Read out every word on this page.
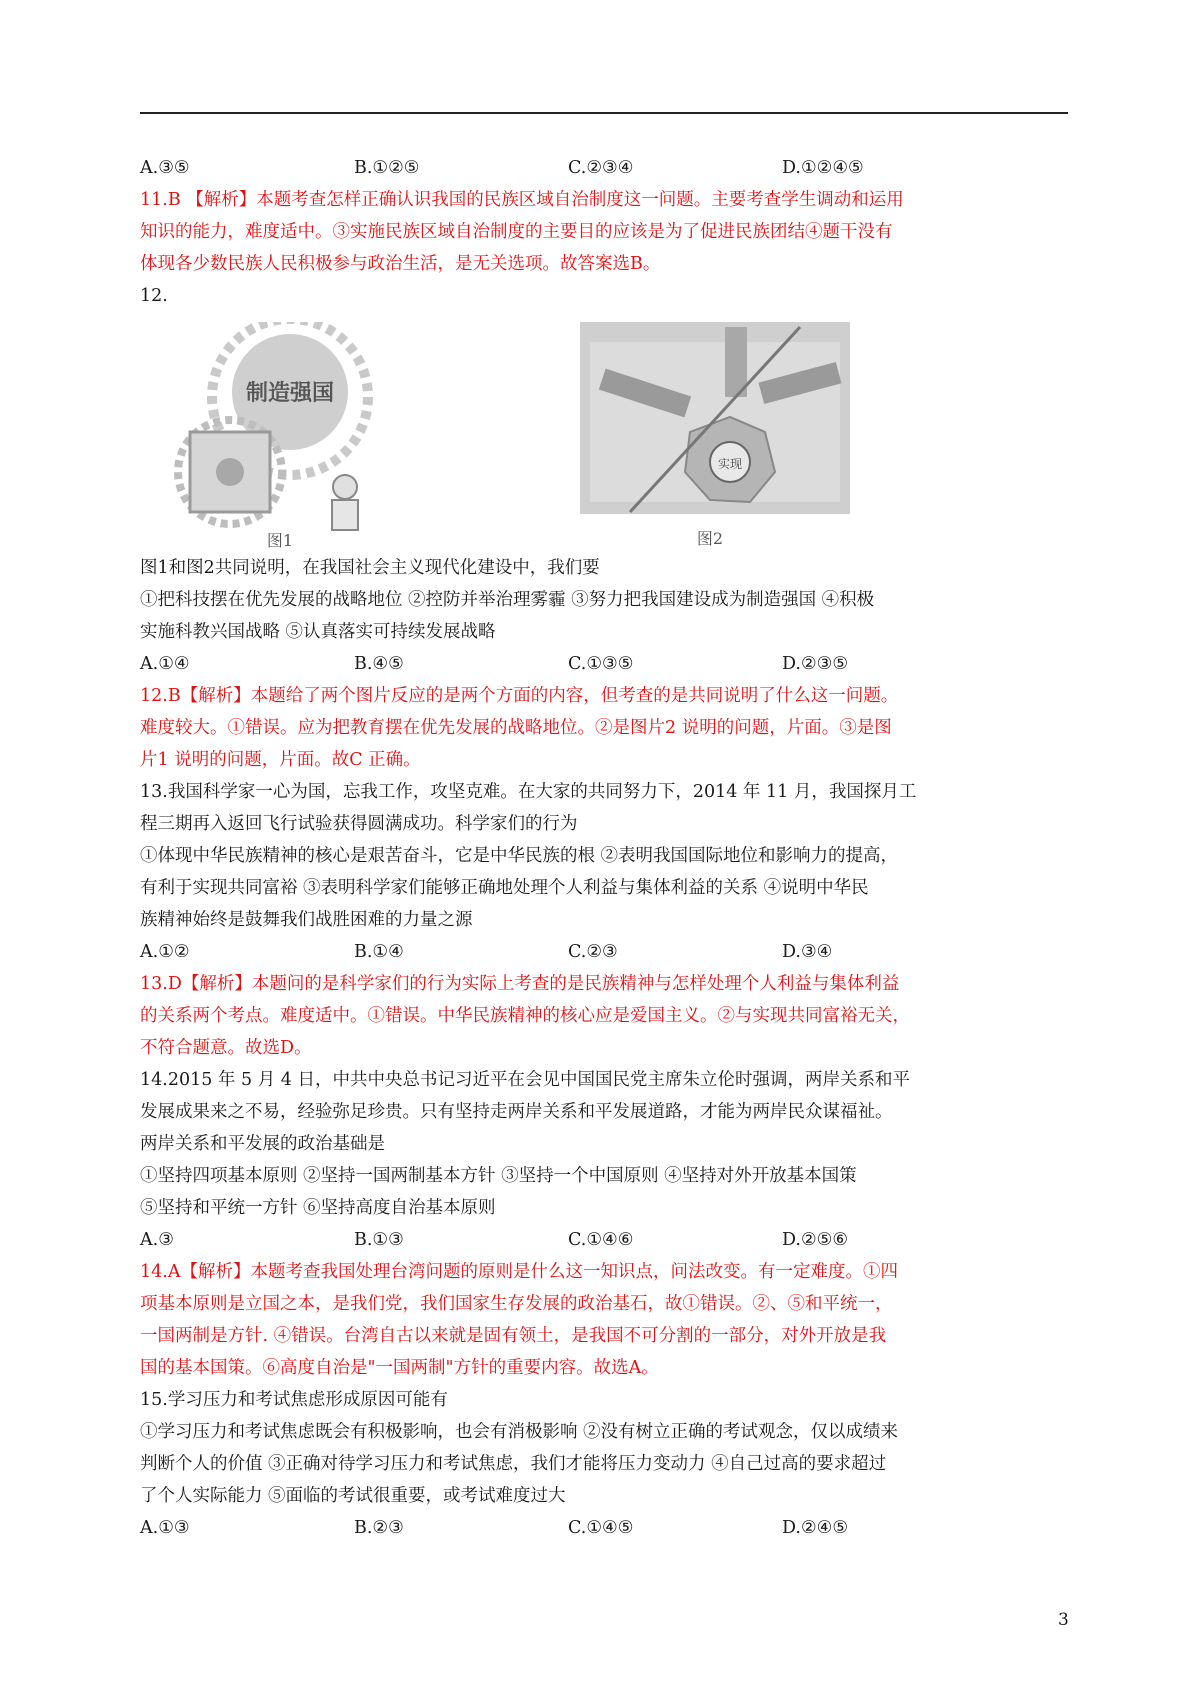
A.③⑤	B.①②⑤	C.②③④	D.①②④⑤
11.B 【解析】本题考查怎样正确认识我国的民族区域自治制度这一问题。主要考查学生调动和运用
知识的能力，难度适中。③实施民族区域自治制度的主要目的应该是为了促进民族团结④题干没有
体现各少数民族人民积极参与政治生活，是无关选项。故答案选B。
12.
制造强国
图1
实现
图2
图1和图2共同说明，在我国社会主义现代化建设中，我们要
①把科技摆在优先发展的战略地位 ②控防并举治理雾霾 ③努力把我国建设成为制造强国 ④积极
实施科教兴国战略 ⑤认真落实可持续发展战略
A.①④	B.④⑤	C.①③⑤	D.②③⑤
12.B【解析】本题给了两个图片反应的是两个方面的内容，但考查的是共同说明了什么这一问题。
难度较大。①错误。应为把教育摆在优先发展的战略地位。②是图片2 说明的问题，片面。③是图
片1 说明的问题，片面。故C 正确。
13.我国科学家一心为国，忘我工作，攻坚克难。在大家的共同努力下，2014 年 11 月，我国探月工
程三期再入返回飞行试验获得圆满成功。科学家们的行为
①体现中华民族精神的核心是艰苦奋斗，它是中华民族的根 ②表明我国国际地位和影响力的提高，
有利于实现共同富裕 ③表明科学家们能够正确地处理个人利益与集体利益的关系 ④说明中华民
族精神始终是鼓舞我们战胜困难的力量之源
A.①②	B.①④	C.②③	D.③④
13.D【解析】本题问的是科学家们的行为实际上考查的是民族精神与怎样处理个人利益与集体利益
的关系两个考点。难度适中。①错误。中华民族精神的核心应是爱国主义。②与实现共同富裕无关，
不符合题意。故选D。
14.2015 年 5 月 4 日，中共中央总书记习近平在会见中国国民党主席朱立伦时强调，两岸关系和平
发展成果来之不易，经验弥足珍贵。只有坚持走两岸关系和平发展道路，才能为两岸民众谋福祉。
两岸关系和平发展的政治基础是
①坚持四项基本原则 ②坚持一国两制基本方针 ③坚持一个中国原则 ④坚持对外开放基本国策
⑤坚持和平统一方针 ⑥坚持高度自治基本原则
A.③	B.①③	C.①④⑥	D.②⑤⑥
14.A【解析】本题考查我国处理台湾问题的原则是什么这一知识点，问法改变。有一定难度。①四
项基本原则是立国之本，是我们党，我们国家生存发展的政治基石，故①错误。②、⑤和平统一，
一国两制是方针. ④错误。台湾自古以来就是固有领土，是我国不可分割的一部分，对外开放是我
国的基本国策。⑥高度自治是"一国两制"方针的重要内容。故选A。
15.学习压力和考试焦虑形成原因可能有
①学习压力和考试焦虑既会有积极影响，也会有消极影响 ②没有树立正确的考试观念，仅以成绩来
判断个人的价值 ③正确对待学习压力和考试焦虑，我们才能将压力变动力 ④自己过高的要求超过
了个人实际能力 ⑤面临的考试很重要，或考试难度过大
A.①③	B.②③	C.①④⑤	D.②④⑤
3
